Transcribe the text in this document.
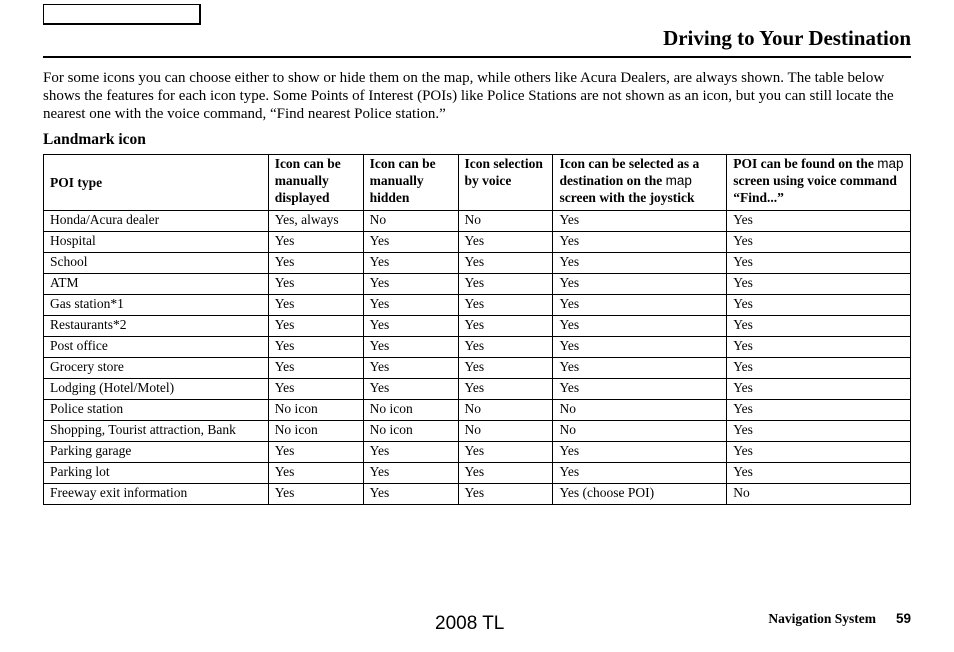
Driving to Your Destination

For some icons you can choose either to show or hide them on the map, while others like Acura Dealers, are always shown. The table below shows the features for each icon type. Some Points of Interest (POIs) like Police Stations are not shown as an icon, but you can still locate the nearest one with the voice command, “Find nearest Police station.”

Landmark icon
POI type	Icon can be manually displayed	Icon can be manually hidden	Icon selection by voice	Icon can be selected as a destination on the map screen with the joystick	POI can be found on the map screen using voice command “Find...”
Honda/Acura dealer	Yes, always	No	No	Yes	Yes
Hospital	Yes	Yes	Yes	Yes	Yes
School	Yes	Yes	Yes	Yes	Yes
ATM	Yes	Yes	Yes	Yes	Yes
Gas station*1	Yes	Yes	Yes	Yes	Yes
Restaurants*2	Yes	Yes	Yes	Yes	Yes
Post office	Yes	Yes	Yes	Yes	Yes
Grocery store	Yes	Yes	Yes	Yes	Yes
Lodging (Hotel/Motel)	Yes	Yes	Yes	Yes	Yes
Police station	No icon	No icon	No	No	Yes
Shopping, Tourist attraction, Bank	No icon	No icon	No	No	Yes
Parking garage	Yes	Yes	Yes	Yes	Yes
Parking lot	Yes	Yes	Yes	Yes	Yes
Freeway exit information	Yes	Yes	Yes	Yes (choose POI)	No
Navigation System 59
2008 TL
